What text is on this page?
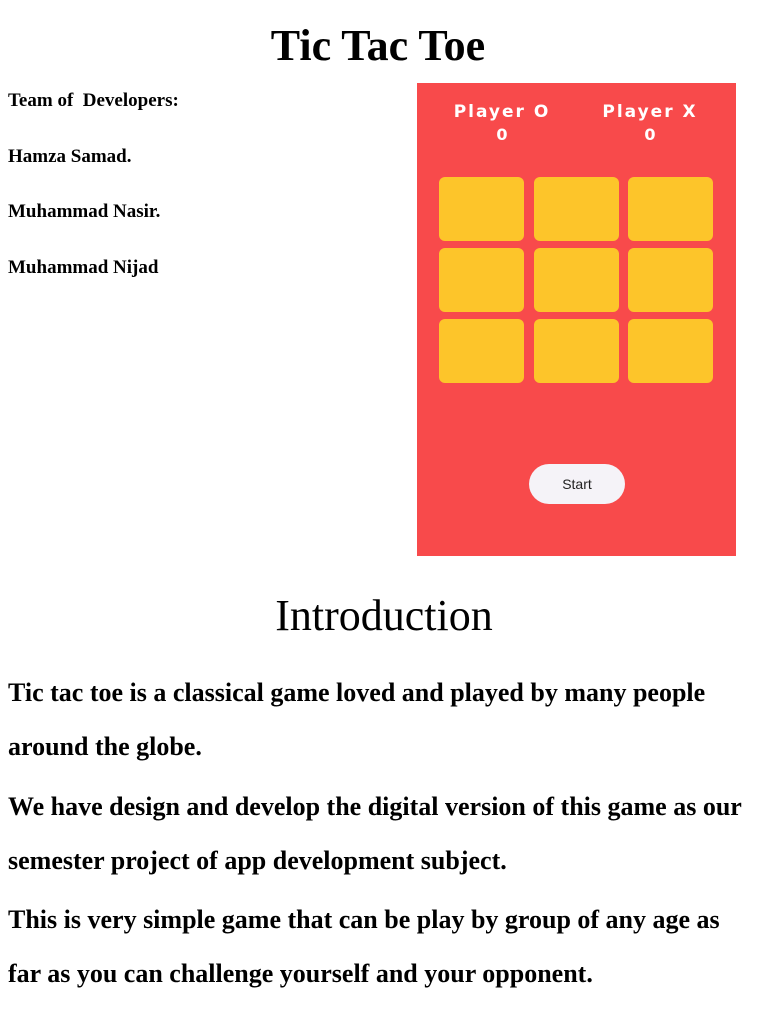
Tic Tac Toe
Team of  Developers:
Hamza Samad.
Muhammad Nasir.
Muhammad Nijad
Player O
0
Player X
0
Start
Introduction

Tic tac toe is a classical game loved and played by many people around the globe.

We have design and develop the digital version of this game as our semester project of app development subject.

This is very simple game that can be play by group of any age as far as you can challenge yourself and your opponent.
